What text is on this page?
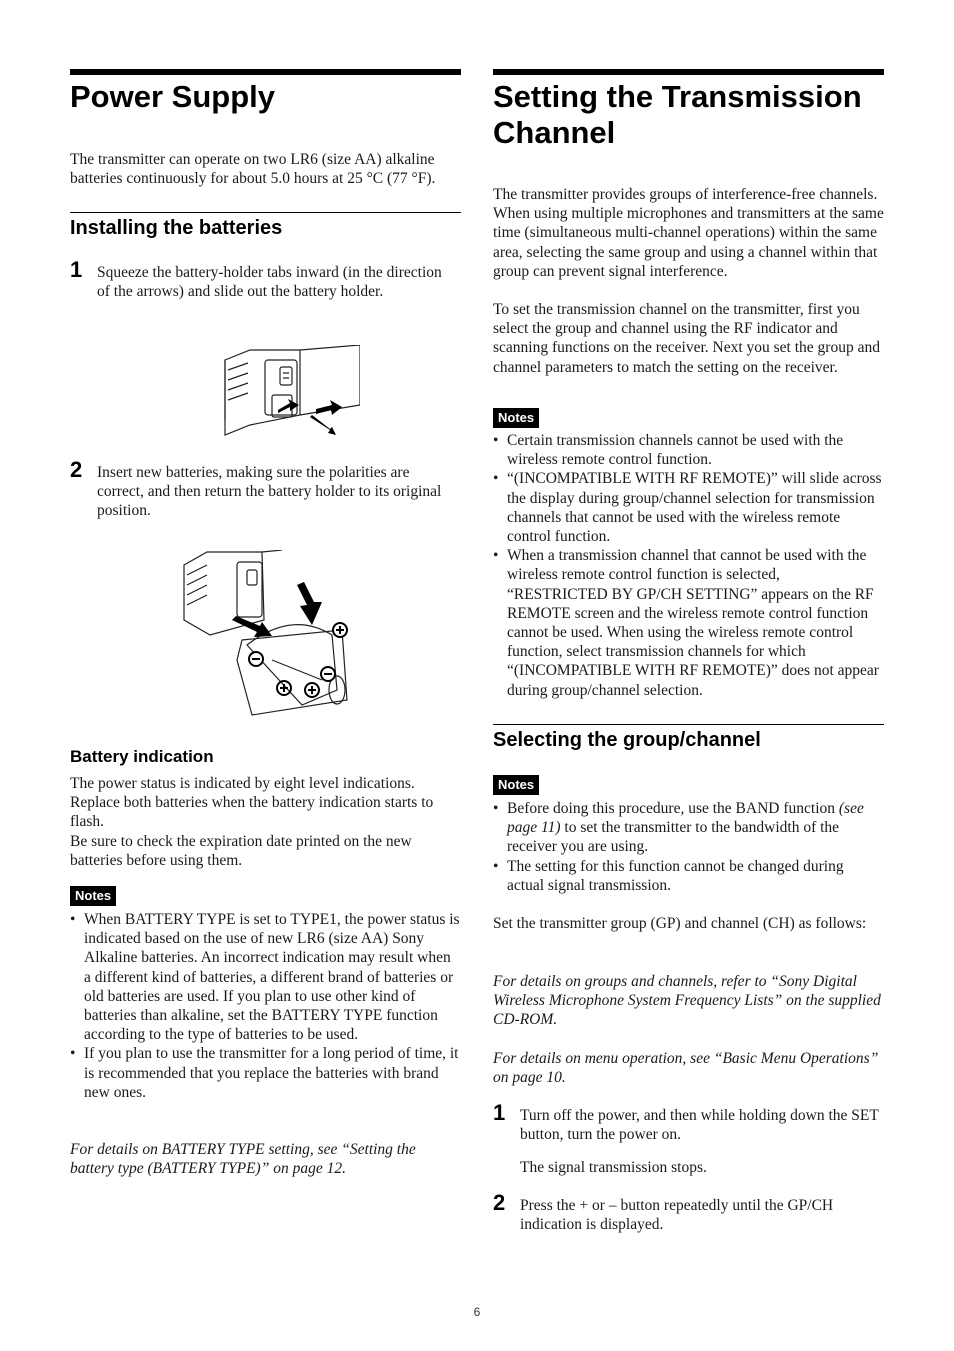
Power Supply

The transmitter can operate on two LR6 (size AA) alkaline batteries continuously for about 5.0 hours at 25 °C (77 °F).

Installing the batteries
1 Squeeze the battery-holder tabs inward (in the direction of the arrows) and slide out the battery holder.

2 Insert new batteries, making sure the polarities are correct, and then return the battery holder to its original position.

Battery indication

The power status is indicated by eight level indications. Replace both batteries when the battery indication starts to flash.

Be sure to check the expiration date printed on the new batteries before using them.

Notes
• When BATTERY TYPE is set to TYPE1, the power status is indicated based on the use of new LR6 (size AA) Sony Alkaline batteries. An incorrect indication may result when a different kind of batteries, a different brand of batteries or old batteries are used. If you plan to use other kind of batteries than alkaline, set the BATTERY TYPE function according to the type of batteries to be used.
• If you plan to use the transmitter for a long period of time, it is recommended that you replace the batteries with brand new ones.

For details on BATTERY TYPE setting, see “Setting the battery type (BATTERY TYPE)” on page 12.

Setting the Transmission
Channel

The transmitter provides groups of interference-free channels. When using multiple microphones and transmitters at the same time (simultaneous multi-channel operations) within the same area, selecting the same group and using a channel within that group can prevent signal interference.

To set the transmission channel on the transmitter, first you select the group and channel using the RF indicator and scanning functions on the receiver. Next you set the group and channel parameters to match the setting on the receiver.

Notes
• Certain transmission channels cannot be used with the wireless remote control function.
• “(INCOMPATIBLE WITH RF REMOTE)” will slide across the display during group/channel selection for transmission channels that cannot be used with the wireless remote control function.
• When a transmission channel that cannot be used with the wireless remote control function is selected, “RESTRICTED BY GP/CH SETTING” appears on the RF REMOTE screen and the wireless remote control function cannot be used. When using the wireless remote control function, select transmission channels for which “(INCOMPATIBLE WITH RF REMOTE)” does not appear during group/channel selection.
Selecting the group/channel
Notes
• Before doing this procedure, use the BAND function (see page 11) to set the transmitter to the bandwidth of the receiver you are using.
• The setting for this function cannot be changed during actual signal transmission.

Set the transmitter group (GP) and channel (CH) as follows:

For details on groups and channels, refer to “Sony Digital Wireless Microphone System Frequency Lists” on the supplied CD-ROM.

For details on menu operation, see “Basic Menu Operations” on page 10.

1 Turn off the power, and then while holding down the SET button, turn the power on.

The signal transmission stops.

2 Press the + or – button repeatedly until the GP/CH indication is displayed.

6
